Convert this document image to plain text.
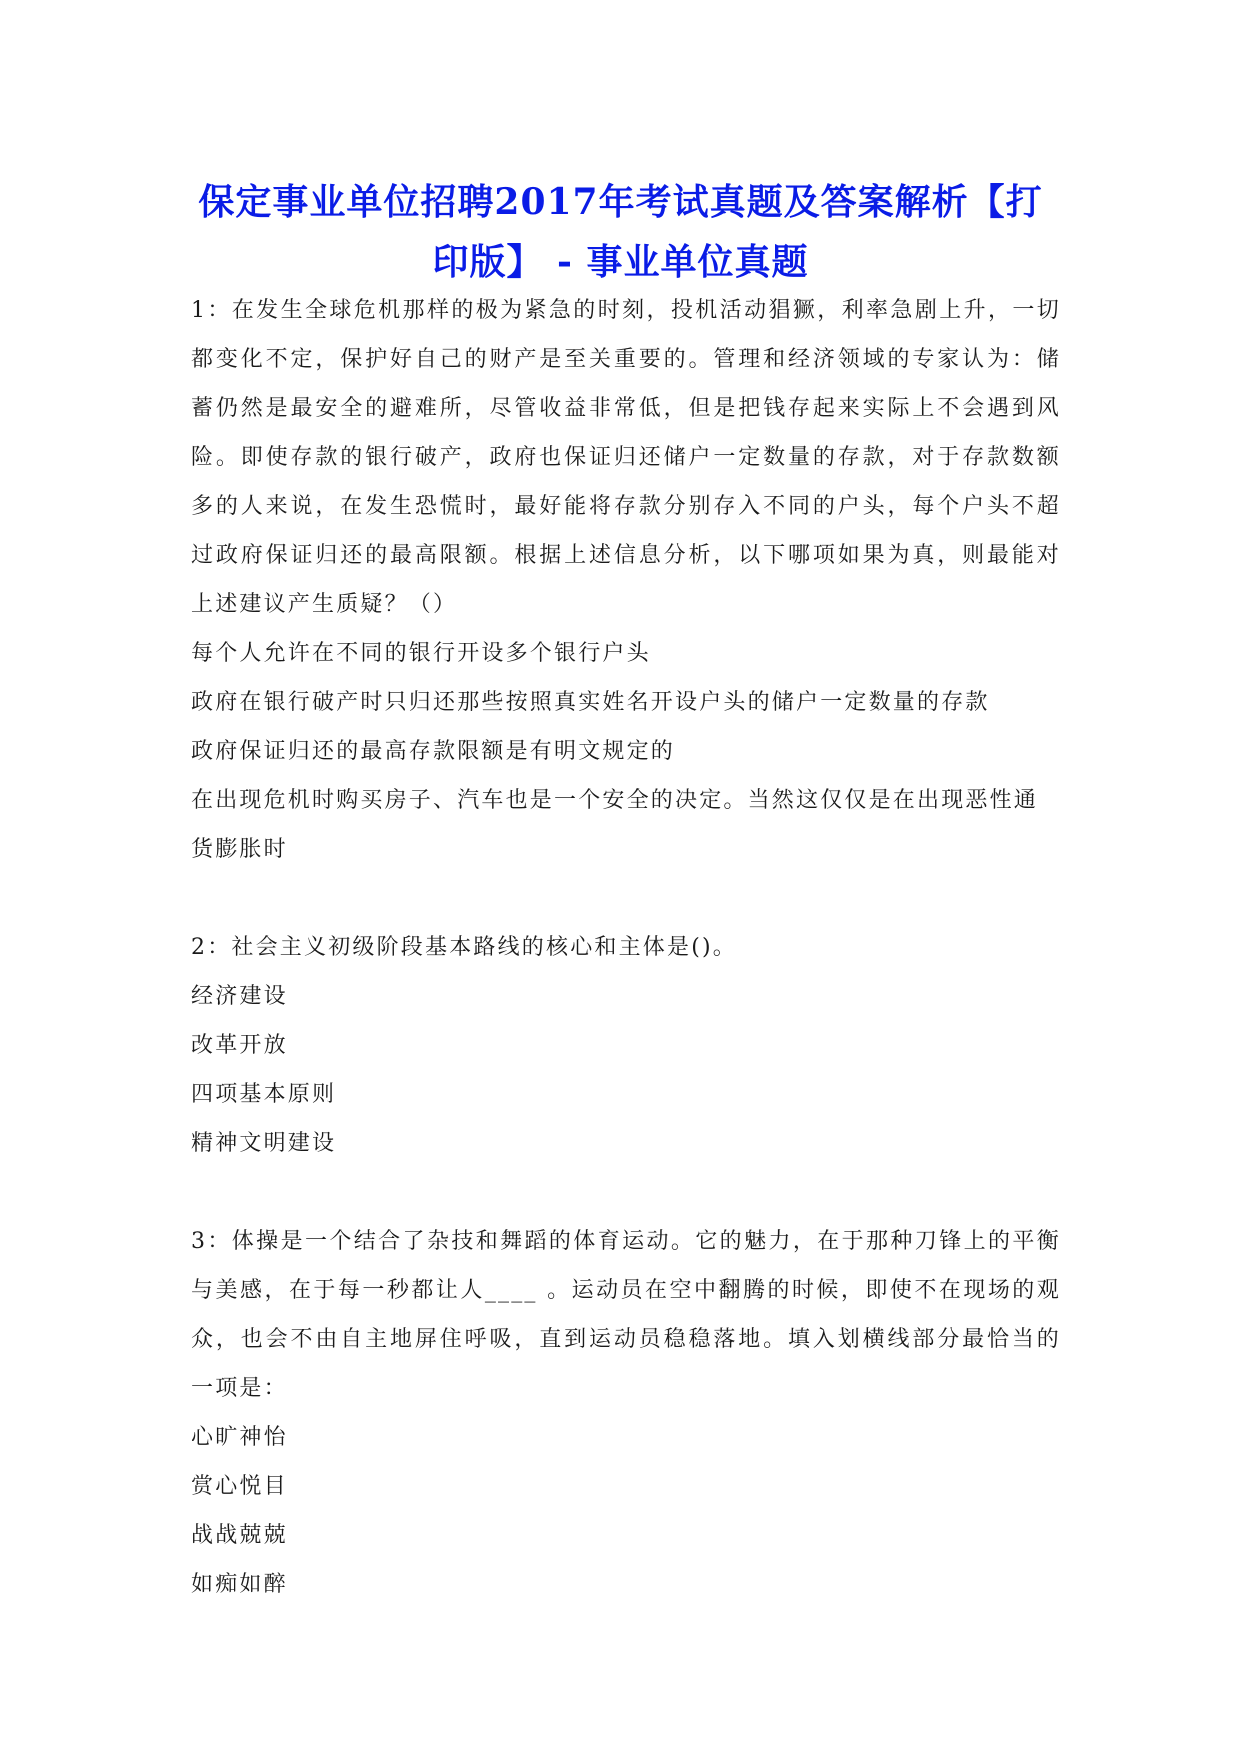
保定事业单位招聘2017年考试真题及答案解析【打印版】 - 事业单位真题

1：在发生全球危机那样的极为紧急的时刻，投机活动猖獗，利率急剧上升，一切都变化不定，保护好自己的财产是至关重要的。管理和经济领域的专家认为：储蓄仍然是最安全的避难所，尽管收益非常低，但是把钱存起来实际上不会遇到风险。即使存款的银行破产，政府也保证归还储户一定数量的存款，对于存款数额多的人来说，在发生恐慌时，最好能将存款分别存入不同的户头，每个户头不超过政府保证归还的最高限额。根据上述信息分析，以下哪项如果为真，则最能对上述建议产生质疑？（）

每个人允许在不同的银行开设多个银行户头
政府在银行破产时只归还那些按照真实姓名开设户头的储户一定数量的存款
政府保证归还的最高存款限额是有明文规定的
在出现危机时购买房子、汽车也是一个安全的决定。当然这仅仅是在出现恶性通货膨胀时

2：社会主义初级阶段基本路线的核心和主体是()。

经济建设
改革开放
四项基本原则
精神文明建设

3：体操是一个结合了杂技和舞蹈的体育运动。它的魅力，在于那种刀锋上的平衡与美感，在于每一秒都让人____ 。运动员在空中翻腾的时候，即使不在现场的观众，也会不由自主地屏住呼吸，直到运动员稳稳落地。填入划横线部分最恰当的一项是：

心旷神怡
赏心悦目
战战兢兢
如痴如醉
